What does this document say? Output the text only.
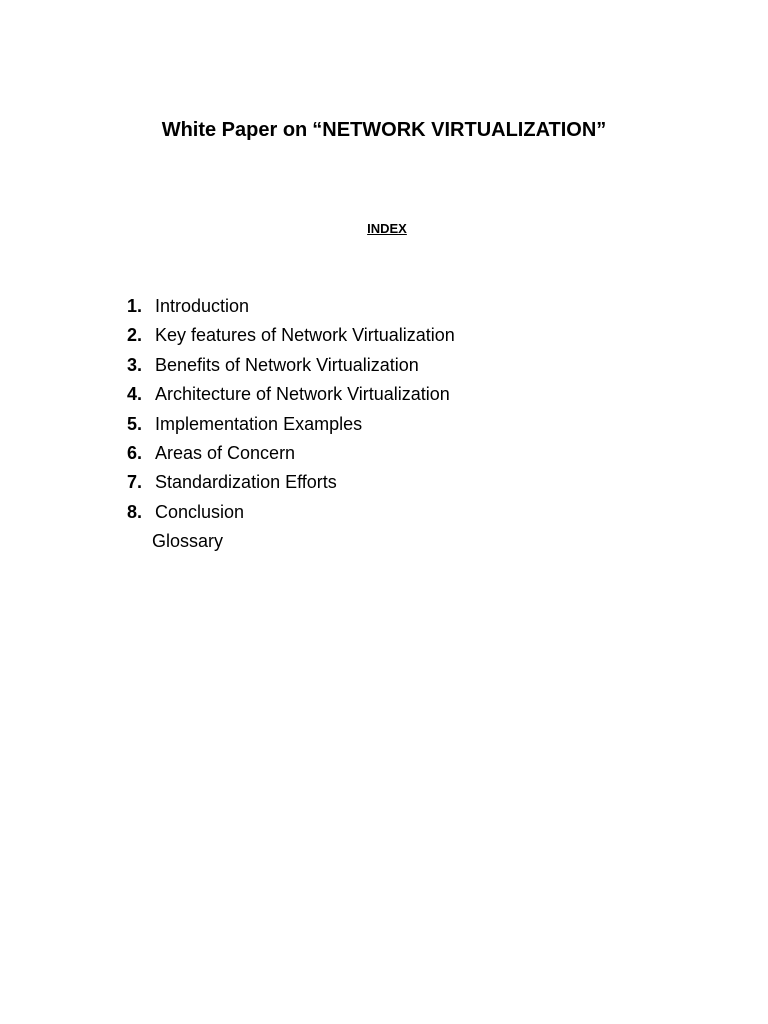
White Paper on “NETWORK VIRTUALIZATION”
INDEX
1. Introduction
2. Key features of Network Virtualization
3. Benefits of Network Virtualization
4. Architecture of Network Virtualization
5. Implementation Examples
6. Areas of Concern
7. Standardization Efforts
8. Conclusion
Glossary
